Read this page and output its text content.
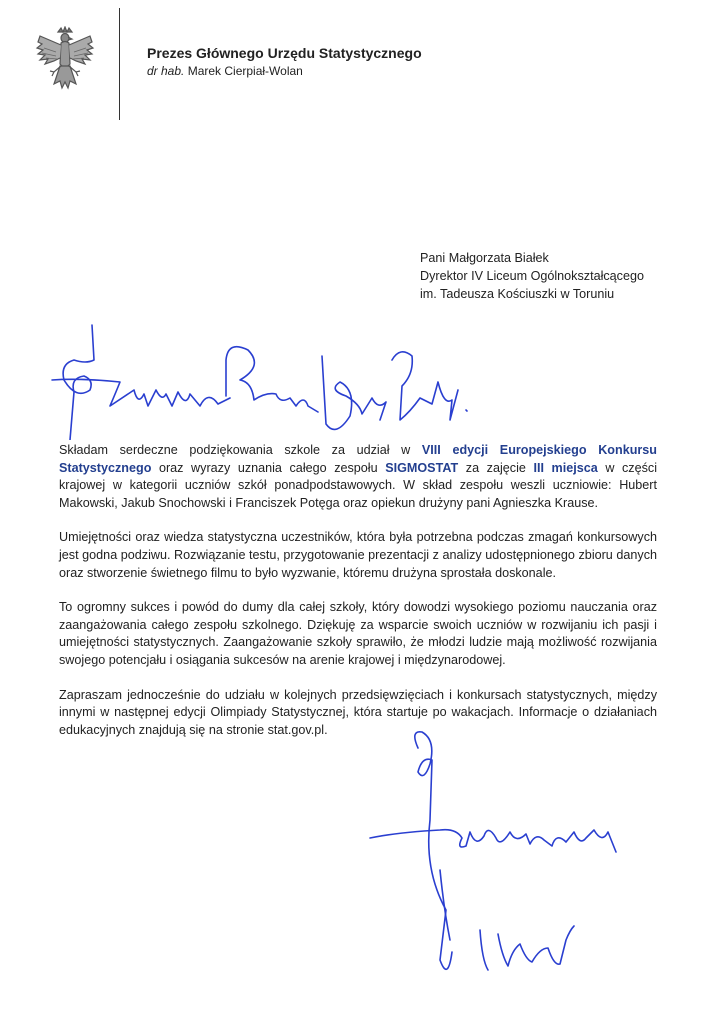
Prezes Głównego Urzędu Statystycznego
dr hab. Marek Cierpiał-Wolan
Pani Małgorzata Białek
Dyrektor IV Liceum Ogólnokształcącego
im. Tadeusza Kościuszki w Toruniu

Składam serdeczne podziękowania szkole za udział w VIII edycji Europejskiego Konkursu Statystycznego oraz wyrazy uznania całego zespołu SIGMOSTAT za zajęcie III miejsca w części krajowej w kategorii uczniów szkół ponadpodstawowych. W skład zespołu weszli uczniowie: Hubert Makowski, Jakub Snochowski i Franciszek Potęga oraz opiekun drużyny pani Agnieszka Krause.

Umiejętności oraz wiedza statystyczna uczestników, która była potrzebna podczas zmagań konkursowych jest godna podziwu. Rozwiązanie testu, przygotowanie prezentacji z analizy udostępnionego zbioru danych oraz stworzenie świetnego filmu to było wyzwanie, któremu drużyna sprostała doskonale.

To ogromny sukces i powód do dumy dla całej szkoły, który dowodzi wysokiego poziomu nauczania oraz zaangażowania całego zespołu szkolnego. Dziękuję za wsparcie swoich uczniów w rozwijaniu ich pasji i umiejętności statystycznych. Zaangażowanie szkoły sprawiło, że młodzi ludzie mają możliwość rozwijania swojego potencjału i osiągania sukcesów na arenie krajowej i międzynarodowej.

Zapraszam jednocześnie do udziału w kolejnych przedsięwzięciach i konkursach statystycznych, między innymi w następnej edycji Olimpiady Statystycznej, która startuje po wakacjach. Informacje o działaniach edukacyjnych znajdują się na stronie stat.gov.pl.
